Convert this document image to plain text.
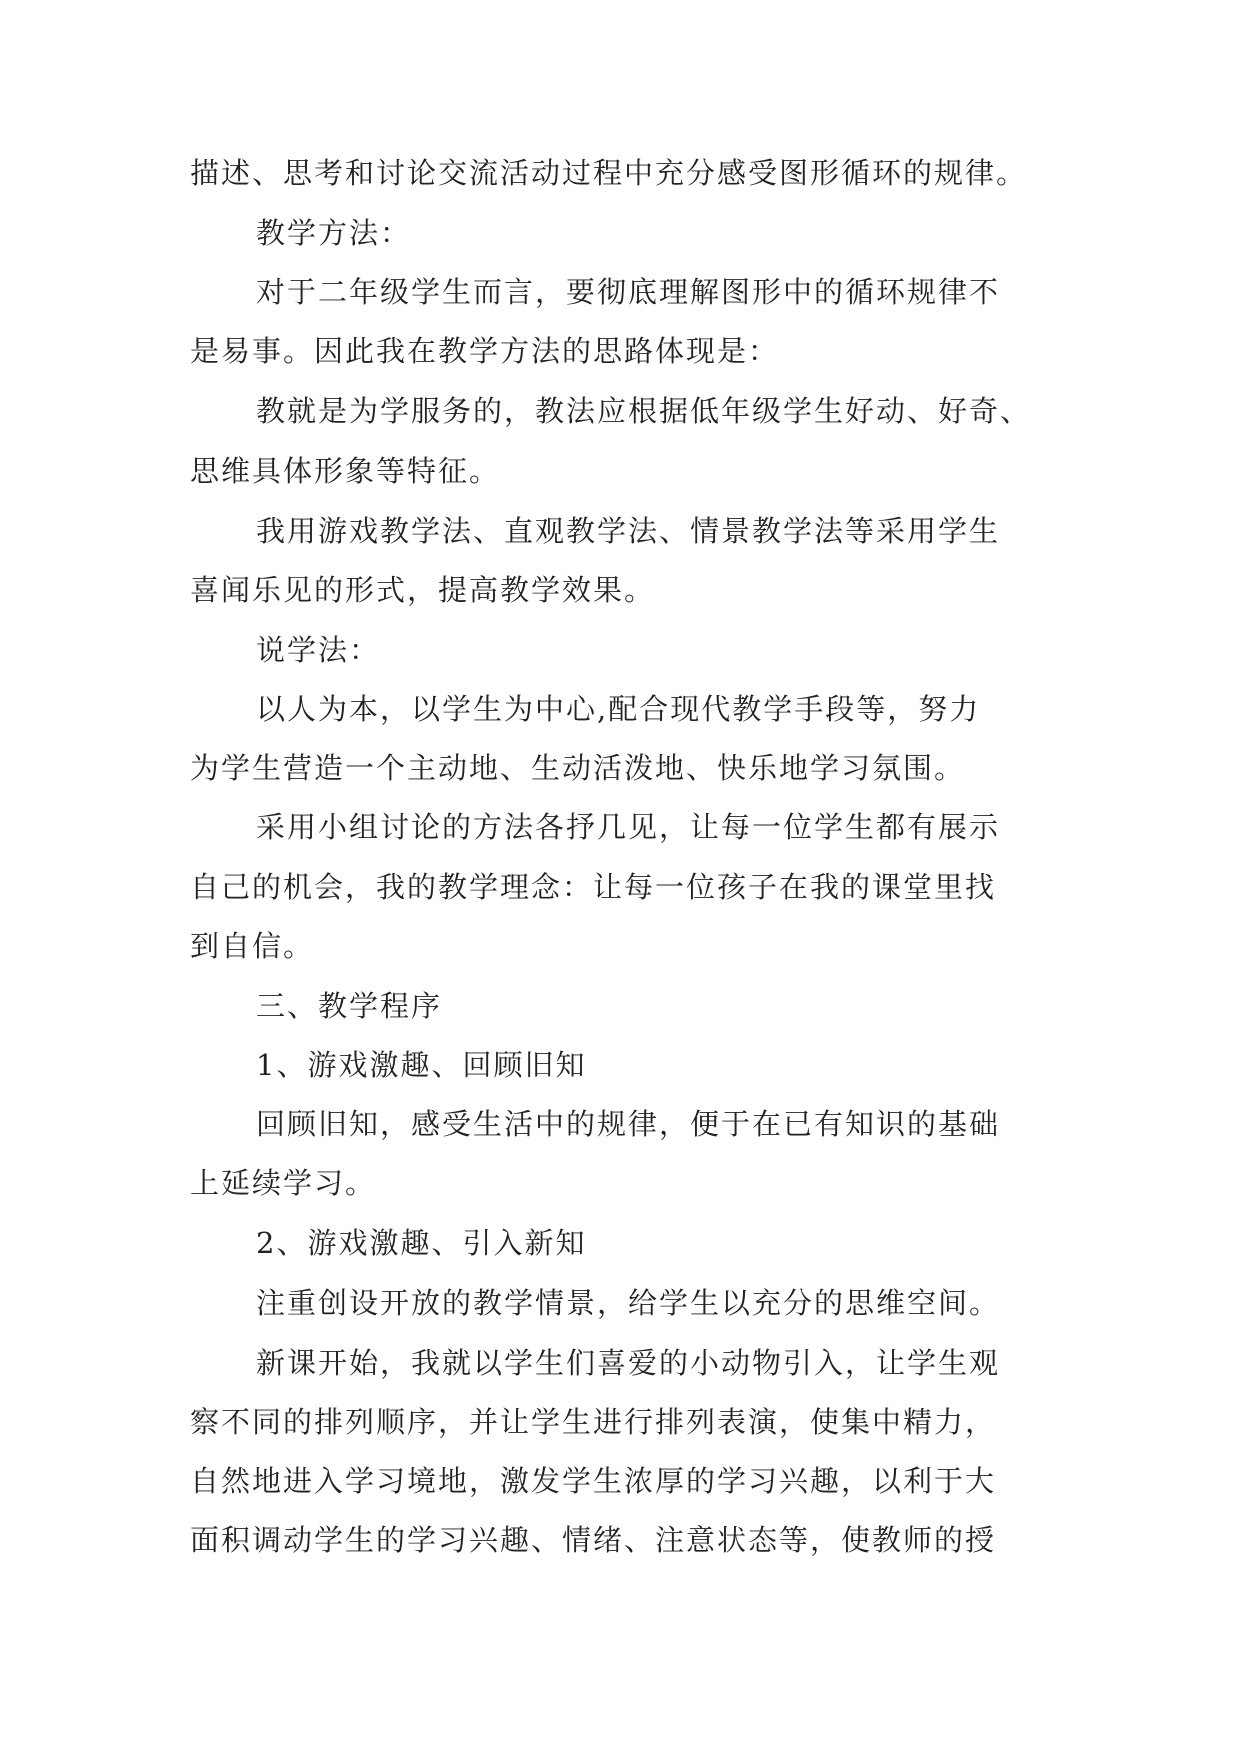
描述、思考和讨论交流活动过程中充分感受图形循环的规律。
教学方法：
对于二年级学生而言，要彻底理解图形中的循环规律不
是易事。因此我在教学方法的思路体现是：
教就是为学服务的，教法应根据低年级学生好动、好奇、
思维具体形象等特征。
我用游戏教学法、直观教学法、情景教学法等采用学生
喜闻乐见的形式，提高教学效果。
说学法：
以人为本，以学生为中心,配合现代教学手段等，努力
为学生营造一个主动地、生动活泼地、快乐地学习氛围。
采用小组讨论的方法各抒几见，让每一位学生都有展示
自己的机会，我的教学理念：让每一位孩子在我的课堂里找
到自信。
三、教学程序
1、游戏激趣、回顾旧知
回顾旧知，感受生活中的规律，便于在已有知识的基础
上延续学习。
2、游戏激趣、引入新知
注重创设开放的教学情景，给学生以充分的思维空间。
新课开始，我就以学生们喜爱的小动物引入，让学生观
察不同的排列顺序，并让学生进行排列表演，使集中精力，
自然地进入学习境地，激发学生浓厚的学习兴趣，以利于大
面积调动学生的学习兴趣、情绪、注意状态等，使教师的授
